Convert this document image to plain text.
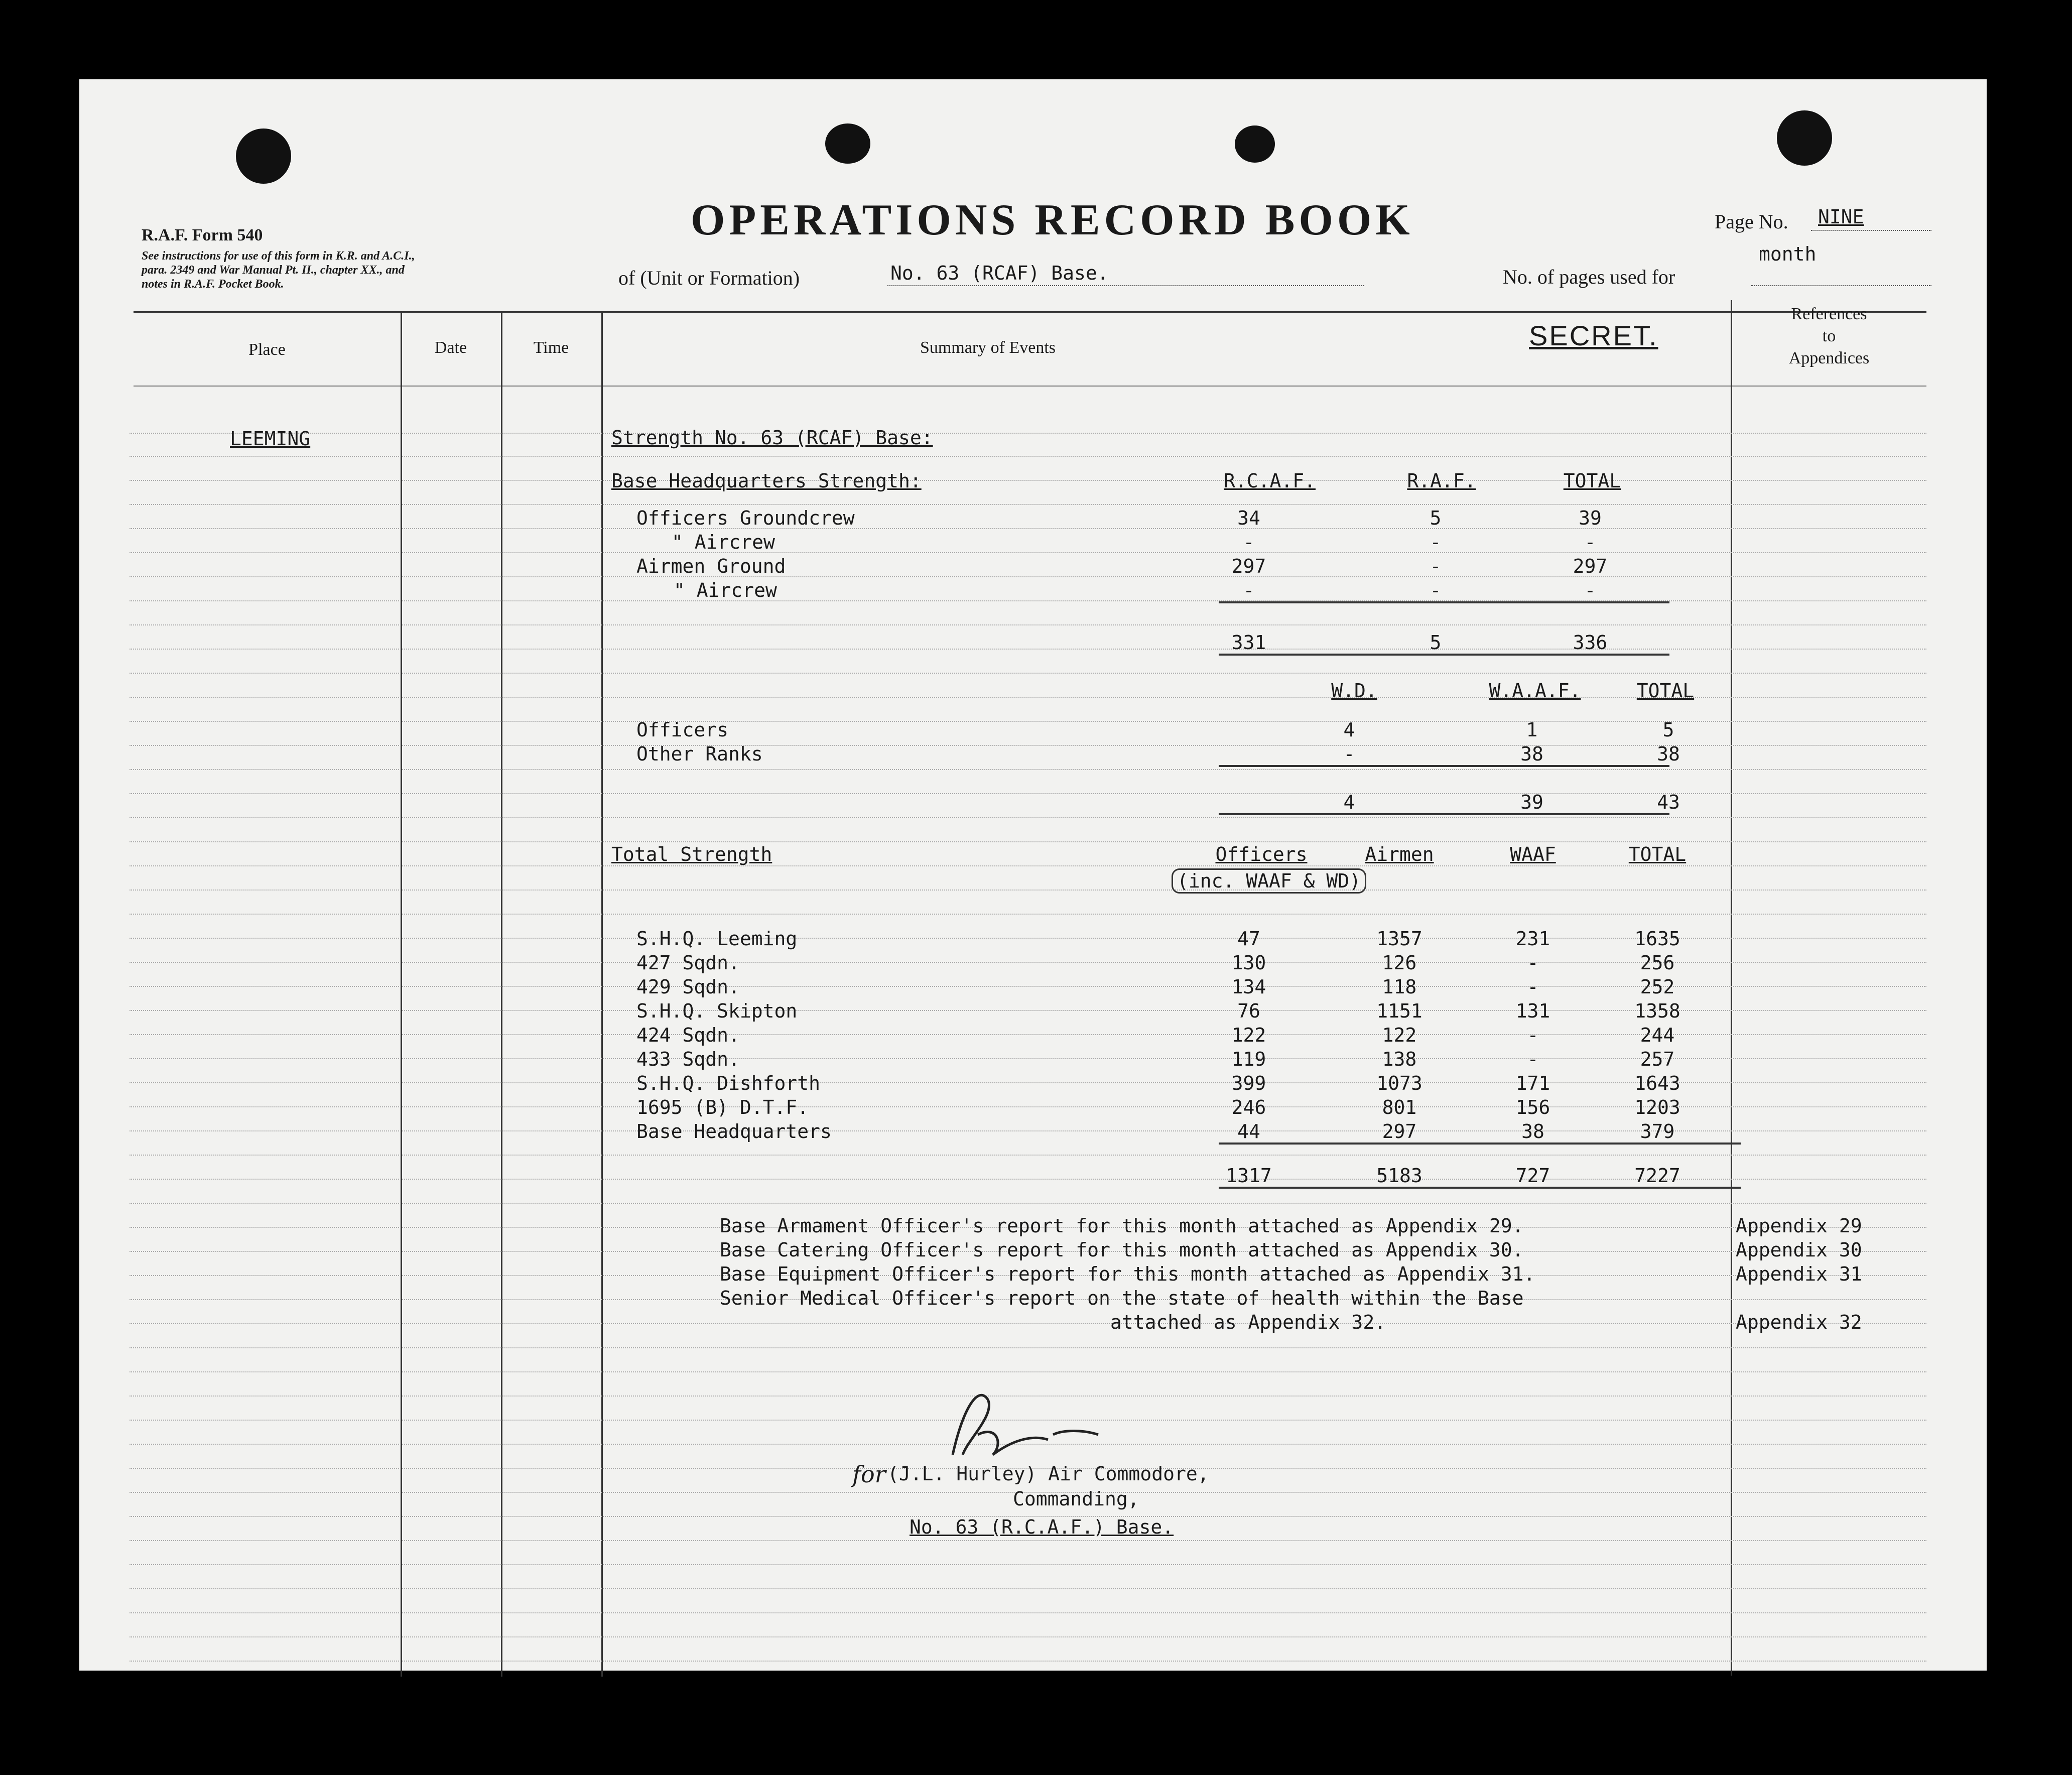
R.A.F. Form 540
See instructions for use of this form in K.R. and A.C.I.,
para. 2349 and War Manual Pt. II., chapter XX., and
notes in R.A.F. Pocket Book.
OPERATIONS RECORD BOOK
of (Unit or Formation)	No. 63 (RCAF) Base.
Page No. NINE
No. of pages used for
month
Place	Date	Time	Summary of Events	SECRET.
References
to
Appendices
LEEMING	Strength No. 63 (RCAF) Base:
Base Headquarters Strength:	R.C.A.F.	R.A.F.	TOTAL
Officers Groundcrew	34	5	39
" Aircrew	-	-	-
Airmen Ground	297	-	297
" Aircrew	-	-	-
331	5	336
W.D.	W.A.A.F.	TOTAL
Officers	4	1	5
Other Ranks	-	38	38
4	39	43
Total Strength	Officers	Airmen	WAAF	TOTAL
(inc. WAAF & WD)
S.H.Q. Leeming	47	1357	231	1635
427 Sqdn.	130	126	-	256
429 Sqdn.	134	118	-	252
S.H.Q. Skipton	76	1151	131	1358
424 Sqdn.	122	122	-	244
433 Sqdn.	119	138	-	257
S.H.Q. Dishforth	399	1073	171	1643
1695 (B) D.T.F.	246	801	156	1203
Base Headquarters	44	297	38	379
1317	5183	727	7227
Base Armament Officer's report for this month attached as Appendix 29.
Base Catering Officer's report for this month attached as Appendix 30.
Base Equipment Officer's report for this month attached as Appendix 31.
Senior Medical Officer's report on the state of health within the Base
attached as Appendix 32.
Appendix 29
Appendix 30
Appendix 31
Appendix 32
for (J.L. Hurley) Air Commodore,
Commanding,
No. 63 (R.C.A.F.) Base.
